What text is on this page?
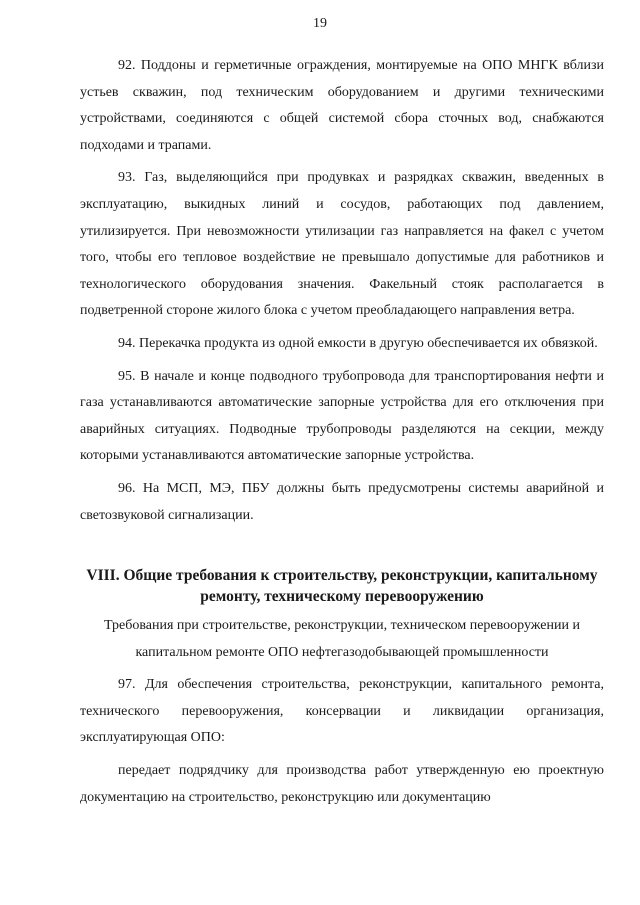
19

92. Поддоны и герметичные ограждения, монтируемые на ОПО МНГК вблизи устьев скважин, под техническим оборудованием и другими техническими устройствами, соединяются с общей системой сбора сточных вод, снабжаются подходами и трапами.

93. Газ, выделяющийся при продувках и разрядках скважин, введенных в эксплуатацию, выкидных линий и сосудов, работающих под давлением, утилизируется. При невозможности утилизации газ направляется на факел с учетом того, чтобы его тепловое воздействие не превышало допустимые для работников и технологического оборудования значения. Факельный стояк располагается в подветренной стороне жилого блока с учетом преобладающего направления ветра.

94. Перекачка продукта из одной емкости в другую обеспечивается их обвязкой.

95. В начале и конце подводного трубопровода для транспортирования нефти и газа устанавливаются автоматические запорные устройства для его отключения при аварийных ситуациях. Подводные трубопроводы разделяются на секции, между которыми устанавливаются автоматические запорные устройства.

96. На МСП, МЭ, ПБУ должны быть предусмотрены системы аварийной и светозвуковой сигнализации.

VIII. Общие требования к строительству, реконструкции, капитальному ремонту, техническому перевооружению

Требования при строительстве, реконструкции, техническом перевооружении и капитальном ремонте ОПО нефтегазодобывающей промышленности

97. Для обеспечения строительства, реконструкции, капитального ремонта, технического перевооружения, консервации и ликвидации организация, эксплуатирующая ОПО:

передает подрядчику для производства работ утвержденную ею проектную документацию на строительство, реконструкцию или документацию
